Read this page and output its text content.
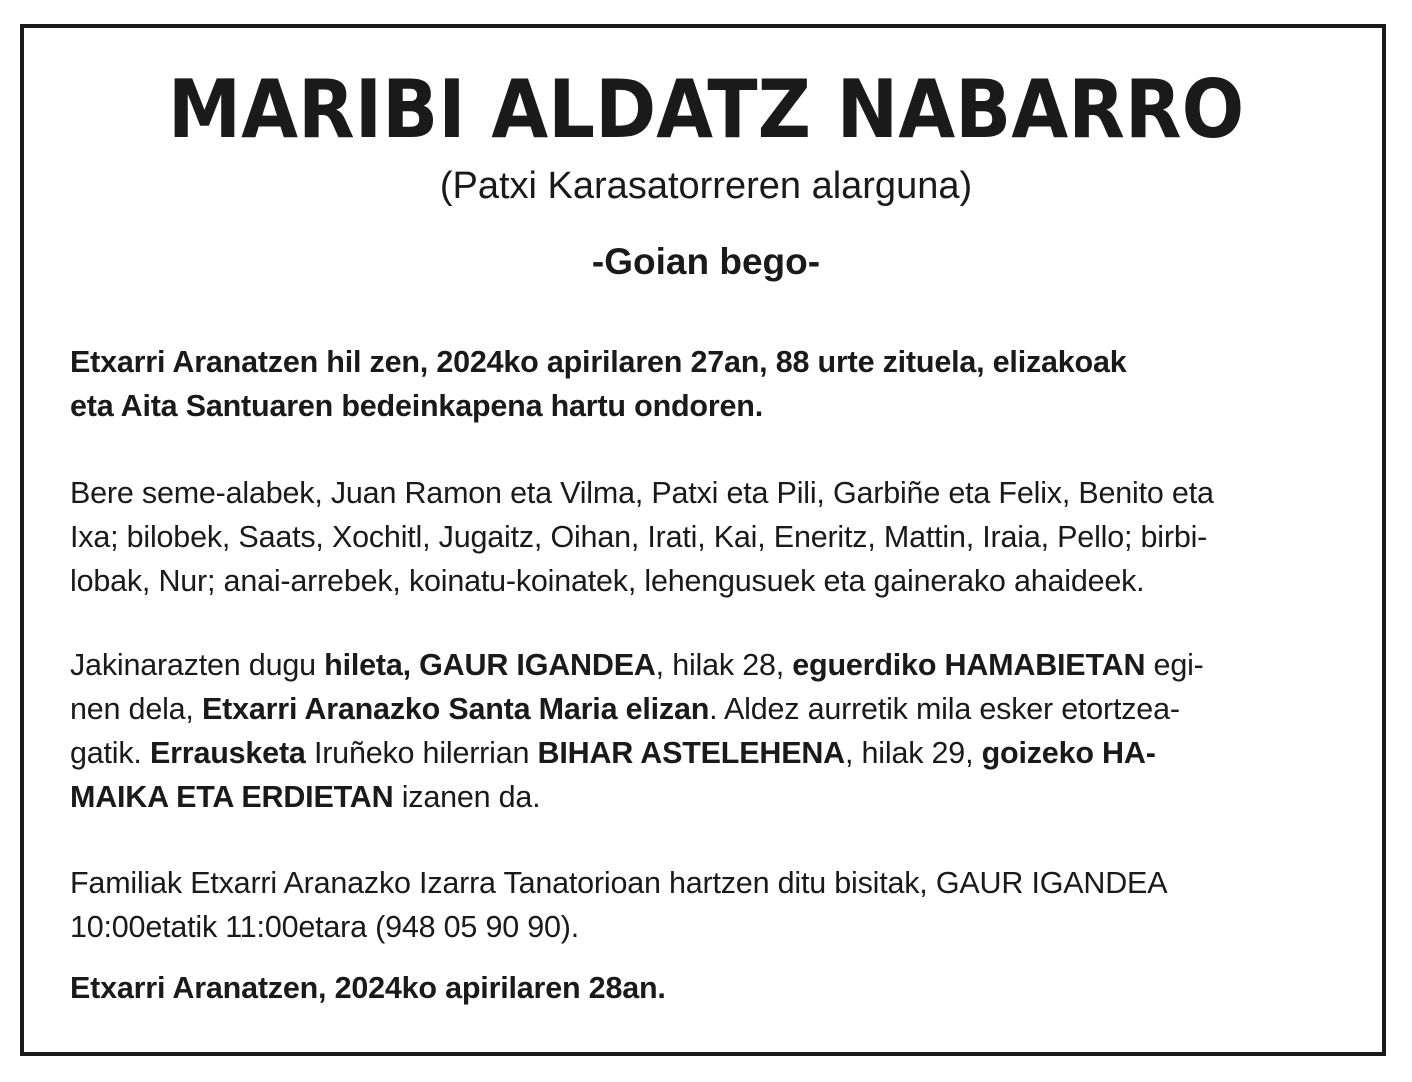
MARIBI ALDATZ NABARRO
(Patxi Karasatorreren alarguna)
-Goian bego-
Etxarri Aranatzen hil zen, 2024ko apirilaren 27an, 88 urte zituela, elizakoak
eta Aita Santuaren bedeinkapena hartu ondoren.
Bere seme-alabek, Juan Ramon eta Vilma, Patxi eta Pili, Garbiñe eta Felix, Benito eta
Ixa; bilobek, Saats, Xochitl, Jugaitz, Oihan, Irati, Kai, Eneritz, Mattin, Iraia, Pello; birbi-
lobak, Nur; anai-arrebek, koinatu-koinatek, lehengusuek eta gainerako ahaideek.
Jakinarazten dugu hileta, GAUR IGANDEA, hilak 28, eguerdiko HAMABIETAN egi-
nen dela, Etxarri Aranazko Santa Maria elizan. Aldez aurretik mila esker etortzea-
gatik. Errausketa Iruñeko hilerrian BIHAR ASTELEHENA, hilak 29, goizeko HA-
MAIKA ETA ERDIETAN izanen da.
Familiak Etxarri Aranazko Izarra Tanatorioan hartzen ditu bisitak, GAUR IGANDEA
10:00etatik 11:00etara (948 05 90 90).
Etxarri Aranatzen, 2024ko apirilaren 28an.
